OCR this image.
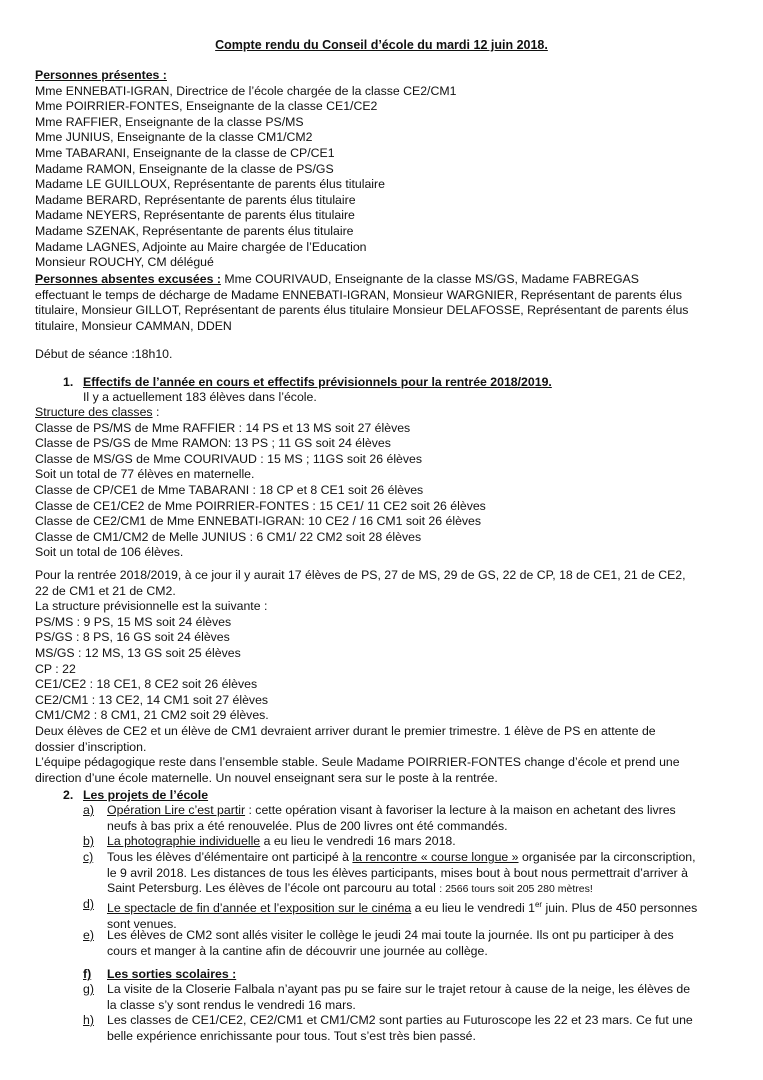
Compte rendu du Conseil d’école du mardi 12 juin 2018.
Personnes présentes :
Mme ENNEBATI-IGRAN, Directrice de l’école chargée de la classe CE2/CM1
Mme POIRRIER-FONTES, Enseignante de la classe CE1/CE2
Mme RAFFIER, Enseignante de la classe PS/MS
Mme JUNIUS, Enseignante de la classe CM1/CM2
Mme TABARANI, Enseignante de la classe de CP/CE1
Madame RAMON, Enseignante de la classe de PS/GS
Madame LE GUILLOUX, Représentante de parents élus titulaire
Madame BERARD, Représentante de parents élus titulaire
Madame NEYERS, Représentante de parents élus titulaire
Madame SZENAK, Représentante de parents élus titulaire
Madame LAGNES, Adjointe au Maire chargée de l’Education
Monsieur ROUCHY, CM délégué
Personnes absentes excusées : Mme COURIVAUD, Enseignante de la classe MS/GS, Madame FABREGAS
effectuant le temps de décharge de Madame ENNEBATI-IGRAN, Monsieur WARGNIER, Représentant de parents élus
titulaire, Monsieur GILLOT, Représentant de parents élus titulaire Monsieur DELAFOSSE, Représentant de parents élus
titulaire, Monsieur CAMMAN, DDEN
Début de séance :18h10.
1. Effectifs de l’année en cours et effectifs prévisionnels pour la rentrée 2018/2019.
Il y a actuellement 183 élèves dans l’école.
Structure des classes :
Classe de PS/MS de Mme RAFFIER : 14 PS et 13 MS soit 27 élèves
Classe de PS/GS de Mme RAMON: 13 PS ; 11 GS soit 24 élèves
Classe de MS/GS de Mme COURIVAUD : 15 MS ; 11GS soit 26 élèves
Soit un total de 77 élèves en maternelle.
Classe de CP/CE1 de Mme TABARANI : 18 CP et 8 CE1 soit 26 élèves
Classe de CE1/CE2 de Mme POIRRIER-FONTES : 15 CE1/ 11 CE2 soit 26 élèves
Classe de CE2/CM1 de Mme ENNEBATI-IGRAN: 10 CE2 / 16 CM1 soit 26 élèves
Classe de CM1/CM2 de Melle JUNIUS : 6 CM1/ 22 CM2 soit 28 élèves
Soit un total de 106 élèves.
Pour la rentrée 2018/2019, à ce jour il y aurait 17 élèves de PS, 27 de MS, 29 de GS, 22 de CP, 18 de CE1, 21 de CE2,
22 de CM1 et 21 de CM2.
La structure prévisionnelle est la suivante :
PS/MS : 9 PS, 15 MS soit 24 élèves
PS/GS : 8 PS, 16 GS soit 24 élèves
MS/GS : 12 MS, 13 GS soit 25 élèves
CP : 22
CE1/CE2 : 18 CE1, 8 CE2 soit 26 élèves
CE2/CM1 : 13 CE2, 14 CM1 soit 27 élèves
CM1/CM2 : 8 CM1, 21 CM2 soit 29 élèves.
Deux élèves de CE2 et un élève de CM1 devraient arriver durant le premier trimestre. 1 élève de PS en attente de
dossier d’inscription.
L’équipe pédagogique reste dans l’ensemble stable. Seule Madame POIRRIER-FONTES change d’école et prend une
direction d’une école maternelle. Un nouvel enseignant sera sur le poste à la rentrée.
2. Les projets de l’école
a) Opération Lire c’est partir : cette opération visant à favoriser la lecture à la maison en achetant des livres
neufs à bas prix a été renouvelée. Plus de 200 livres ont été commandés.
b) La photographie individuelle a eu lieu le vendredi 16 mars 2018.
c) Tous les élèves d’élémentaire ont participé à la rencontre « course longue » organisée par la circonscription,
le 9 avril 2018. Les distances de tous les élèves participants, mises bout à bout nous permettrait d’arriver à
Saint Petersburg. Les élèves de l’école ont parcouru au total : 2566 tours soit 205 280 mètres!
d) Le spectacle de fin d’année et l’exposition sur le cinéma a eu lieu le vendredi 1er juin. Plus de 450 personnes
sont venues.
e) Les élèves de CM2 sont allés visiter le collège le jeudi 24 mai toute la journée. Ils ont pu participer à des
cours et manger à la cantine afin de découvrir une journée au collège.
f) Les sorties scolaires :
g) La visite de la Closerie Falbala n’ayant pas pu se faire sur le trajet retour à cause de la neige, les élèves de
la classe s’y sont rendus le vendredi 16 mars.
h) Les classes de CE1/CE2, CE2/CM1 et CM1/CM2 sont parties au Futuroscope les 22 et 23 mars. Ce fut une
belle expérience enrichissante pour tous. Tout s’est très bien passé.
